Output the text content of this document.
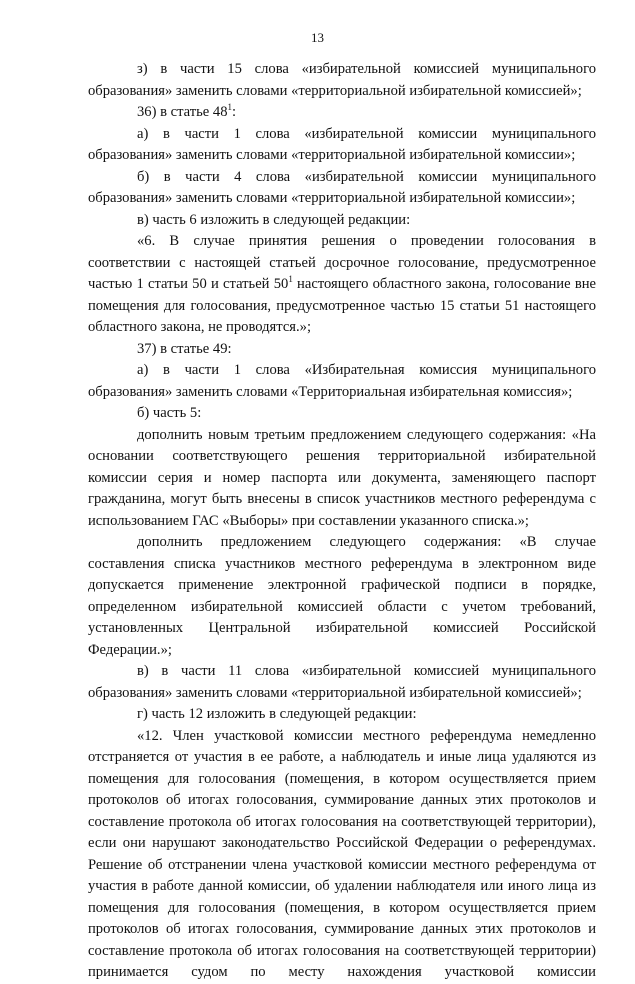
13

з) в части 15 слова «избирательной комиссией муниципального образования» заменить словами «территориальной избирательной комиссией»;

36) в статье $48^1$:

а) в части 1 слова «избирательной комиссии муниципального образования» заменить словами «территориальной избирательной комиссии»;

б) в части 4 слова «избирательной комиссии муниципального образования» заменить словами «территориальной избирательной комиссии»;

в) часть 6 изложить в следующей редакции:

«6. В случае принятия решения о проведении голосования в соответствии с настоящей статьей досрочное голосование, предусмотренное частью 1 статьи 50 и статьей $50^1$ настоящего областного закона, голосование вне помещения для голосования, предусмотренное частью 15 статьи 51 настоящего областного закона, не проводятся.»;

37) в статье 49:

а) в части 1 слова «Избирательная комиссия муниципального образования» заменить словами «Территориальная избирательная комиссия»;

б) часть 5:

дополнить новым третьим предложением следующего содержания: «На основании соответствующего решения территориальной избирательной комиссии серия и номер паспорта или документа, заменяющего паспорт гражданина, могут быть внесены в список участников местного референдума с использованием ГАС «Выборы» при составлении указанного списка.»;

дополнить предложением следующего содержания: «В случае составления списка участников местного референдума в электронном виде допускается применение электронной графической подписи в порядке, определенном избирательной комиссией области с учетом требований, установленных Центральной избирательной комиссией Российской Федерации.»;

в) в части 11 слова «избирательной комиссией муниципального образования» заменить словами «территориальной избирательной комиссией»;

г) часть 12 изложить в следующей редакции:

«12. Член участковой комиссии местного референдума немедленно отстраняется от участия в ее работе, а наблюдатель и иные лица удаляются из помещения для голосования (помещения, в котором осуществляется прием протоколов об итогах голосования, суммирование данных этих протоколов и составление протокола об итогах голосования на соответствующей территории), если они нарушают законодательство Российской Федерации о референдумах. Решение об отстранении члена участковой комиссии местного референдума от участия в работе данной комиссии, об удалении наблюдателя или иного лица из помещения для голосования (помещения, в котором осуществляется прием протоколов об итогах голосования, суммирование данных этих протоколов и составление протокола об итогах голосования на соответствующей территории) принимается судом по месту нахождения участковой комиссии
